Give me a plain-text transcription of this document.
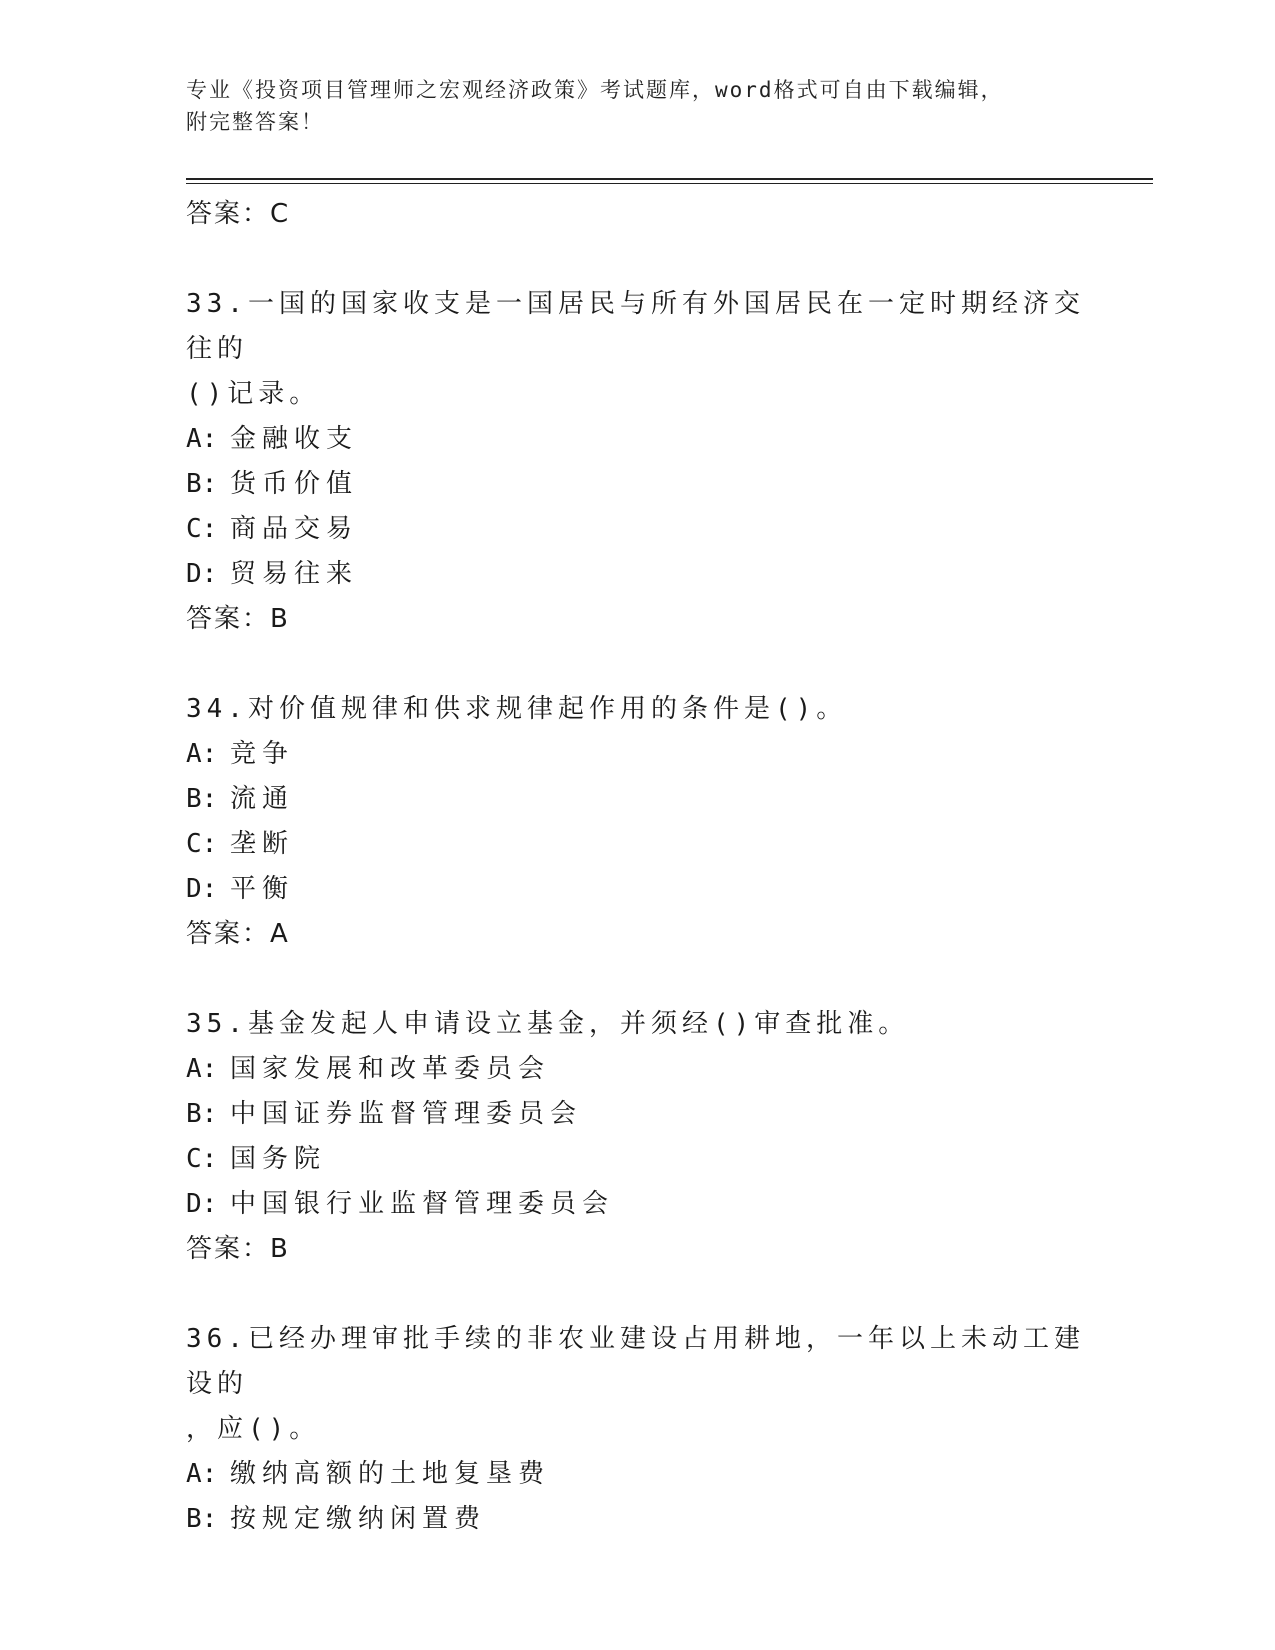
专业《投资项目管理师之宏观经济政策》考试题库，word格式可自由下载编辑，
附完整答案！
答案：C
33.一国的国家收支是一国居民与所有外国居民在一定时期经济交往的
()记录。
A: 金融收支
B: 货币价值
C: 商品交易
D: 贸易往来
答案：B
34.对价值规律和供求规律起作用的条件是()。
A: 竞争
B: 流通
C: 垄断
D: 平衡
答案：A
35.基金发起人申请设立基金，并须经()审查批准。
A: 国家发展和改革委员会
B: 中国证券监督管理委员会
C: 国务院
D: 中国银行业监督管理委员会
答案：B
36.已经办理审批手续的非农业建设占用耕地，一年以上未动工建设的
，应()。
A: 缴纳高额的土地复垦费
B: 按规定缴纳闲置费
